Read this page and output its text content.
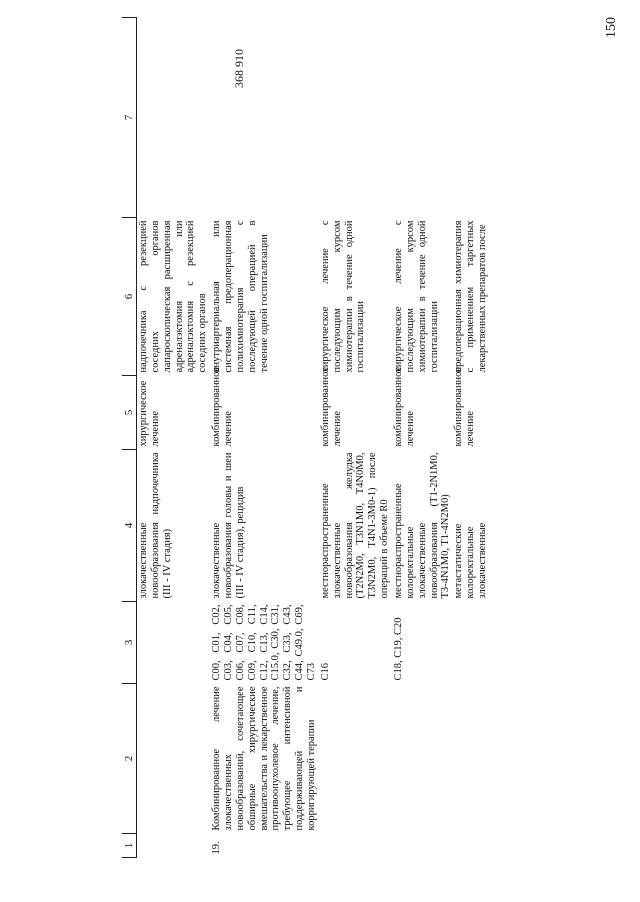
150
368 910
1	2	3	4	5	6	7
			злокачественные новообразования надпочечника (III - IV стадия)	хирургическое лечение	надпочечника с резекцией соседних органов лапароскопическая расширенная адреналэктомия или адреналэктомия с резекцией соседних органов	
19.	Комбинированное лечение злокачественных новообразований, сочетающее обширные хирургические вмешательства и лекарственное противоопухолевое лечение, требующее интенсивной поддерживающей и корригирующей терапии	C00, C01, C02, C03, C04, C05, C06, C07, C08, C09, C10, C11, C12, C13, C14, C15.0, C30, C31, C32, C33, C43, C44, C49.0, C69, C73	злокачественные новообразования головы и шеи (III - IV стадия), рецидив	комбинированное лечение	внутриартериальная или системная предоперационная полихимиотерапия с последующей операцией в течение одной госпитализации	
		C16	местнораспространенные злокачественные новообразования желудка (T2N2M0, T3N1M0, T4N0M0, T3N2M0, T4N1-3M0-1) после операций в объеме R0	комбинированное лечение	хирургическое лечение с последующим курсом химиотерапии в течение одной госпитализации	
		C18, C19, C20	местнораспространенные колоректальные злокачественные новообразования (T1-2N1M0, T3-4N1M0, T1-4N2M0)	комбинированное лечение	хирургическое лечение с последующим курсом химиотерапии в течение одной госпитализации	
			метастатические колоректальные злокачественные	комбинированное лечение	предоперационная химиотерапия с применением таргетных лекарственных препаратов после	
